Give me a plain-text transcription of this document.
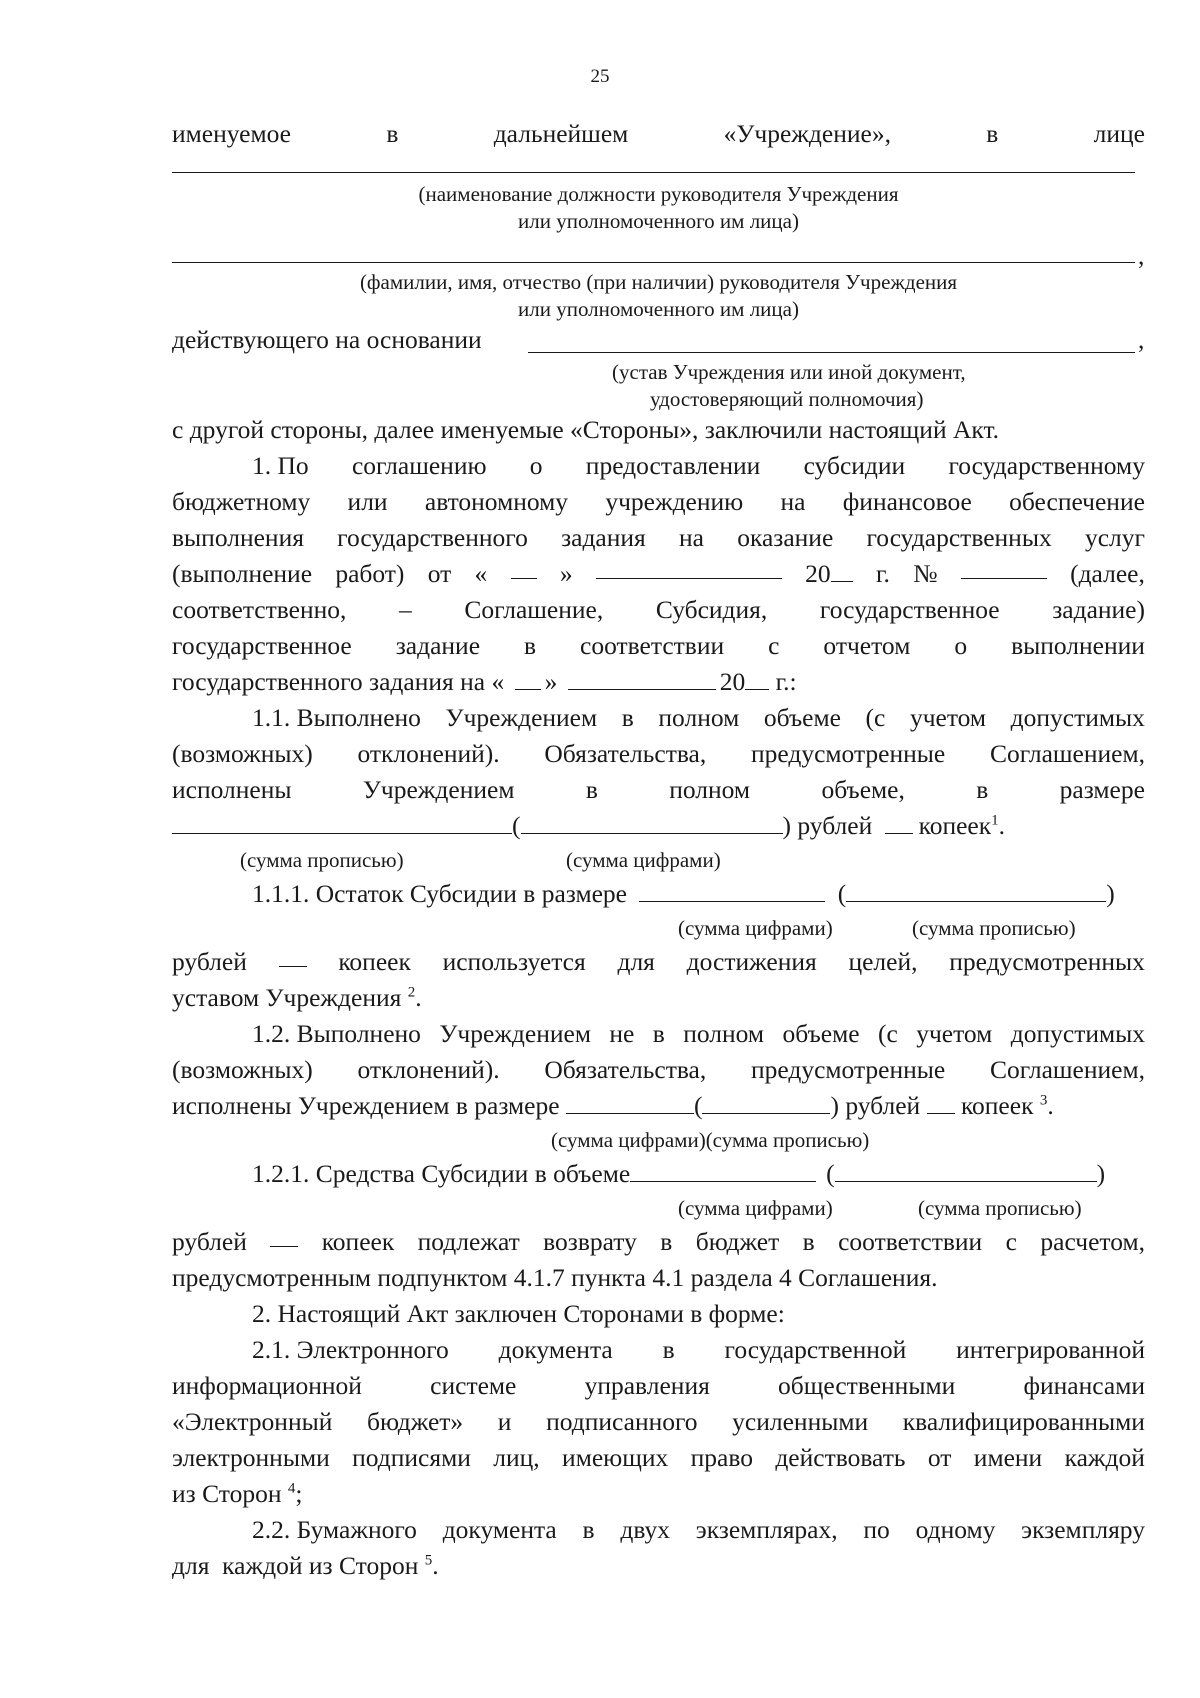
25
именуемое	в	дальнейшем	«Учреждение»,	в	лице
(наименование должности руководителя Учреждения
или уполномоченного им лица)
,
(фамилии, имя, отчество (при наличии) руководителя Учреждения
или уполномоченного им лица)
действующего на основании	,
(устав Учреждения или иной документ,
удостоверяющий полномочия)
с другой стороны, далее именуемые «Стороны», заключили настоящий Акт.
1. По соглашению о предоставлении субсидии государственному
бюджетному или автономному учреждению на финансовое обеспечение
выполнения государственного задания на оказание государственных услуг
(выполнение работ) от «	»	20	г. №	(далее,
соответственно, – Соглашение, Субсидия, государственное задание)
государственное задание в соответствии с отчетом о выполнении
государственного задания на « »	20 г.:
1.1. Выполнено Учреждением в полном объеме (с учетом допустимых
(возможных) отклонений). Обязательства, предусмотренные Соглашением,
исполнены	Учреждением	в	полном	объеме,	в	размере
(	) рублей копеек$^1$.
(сумма прописью)	(сумма цифрами)
1.1.1. Остаток Субсидии в размере	(	)
(сумма цифрами)	(сумма прописью)
рублей	копеек используется для достижения целей, предусмотренных
уставом Учреждения $^2$.
1.2. Выполнено Учреждением не в полном объеме (с учетом допустимых
(возможных) отклонений). Обязательства, предусмотренные Соглашением,
исполнены Учреждением в размере	(	) рублей  копеек $^3$.
(сумма цифрами)(сумма прописью)
1.2.1. Средства Субсидии в объеме	(	)
(сумма цифрами)	(сумма прописью)
рублей	копеек подлежат возврату в бюджет в соответствии с расчетом,
предусмотренным подпунктом 4.1.7 пункта 4.1 раздела 4 Соглашения.
2. Настоящий Акт заключен Сторонами в форме:
2.1. Электронного документа в государственной интегрированной
информационной	системе	управления	общественными	финансами
«Электронный бюджет» и подписанного усиленными квалифицированными
электронными подписями лиц, имеющих право действовать от имени каждой
из Сторон $^4$;
2.2. Бумажного документа в двух экземплярах, по одному экземпляру
для  каждой из Сторон $^5$.
